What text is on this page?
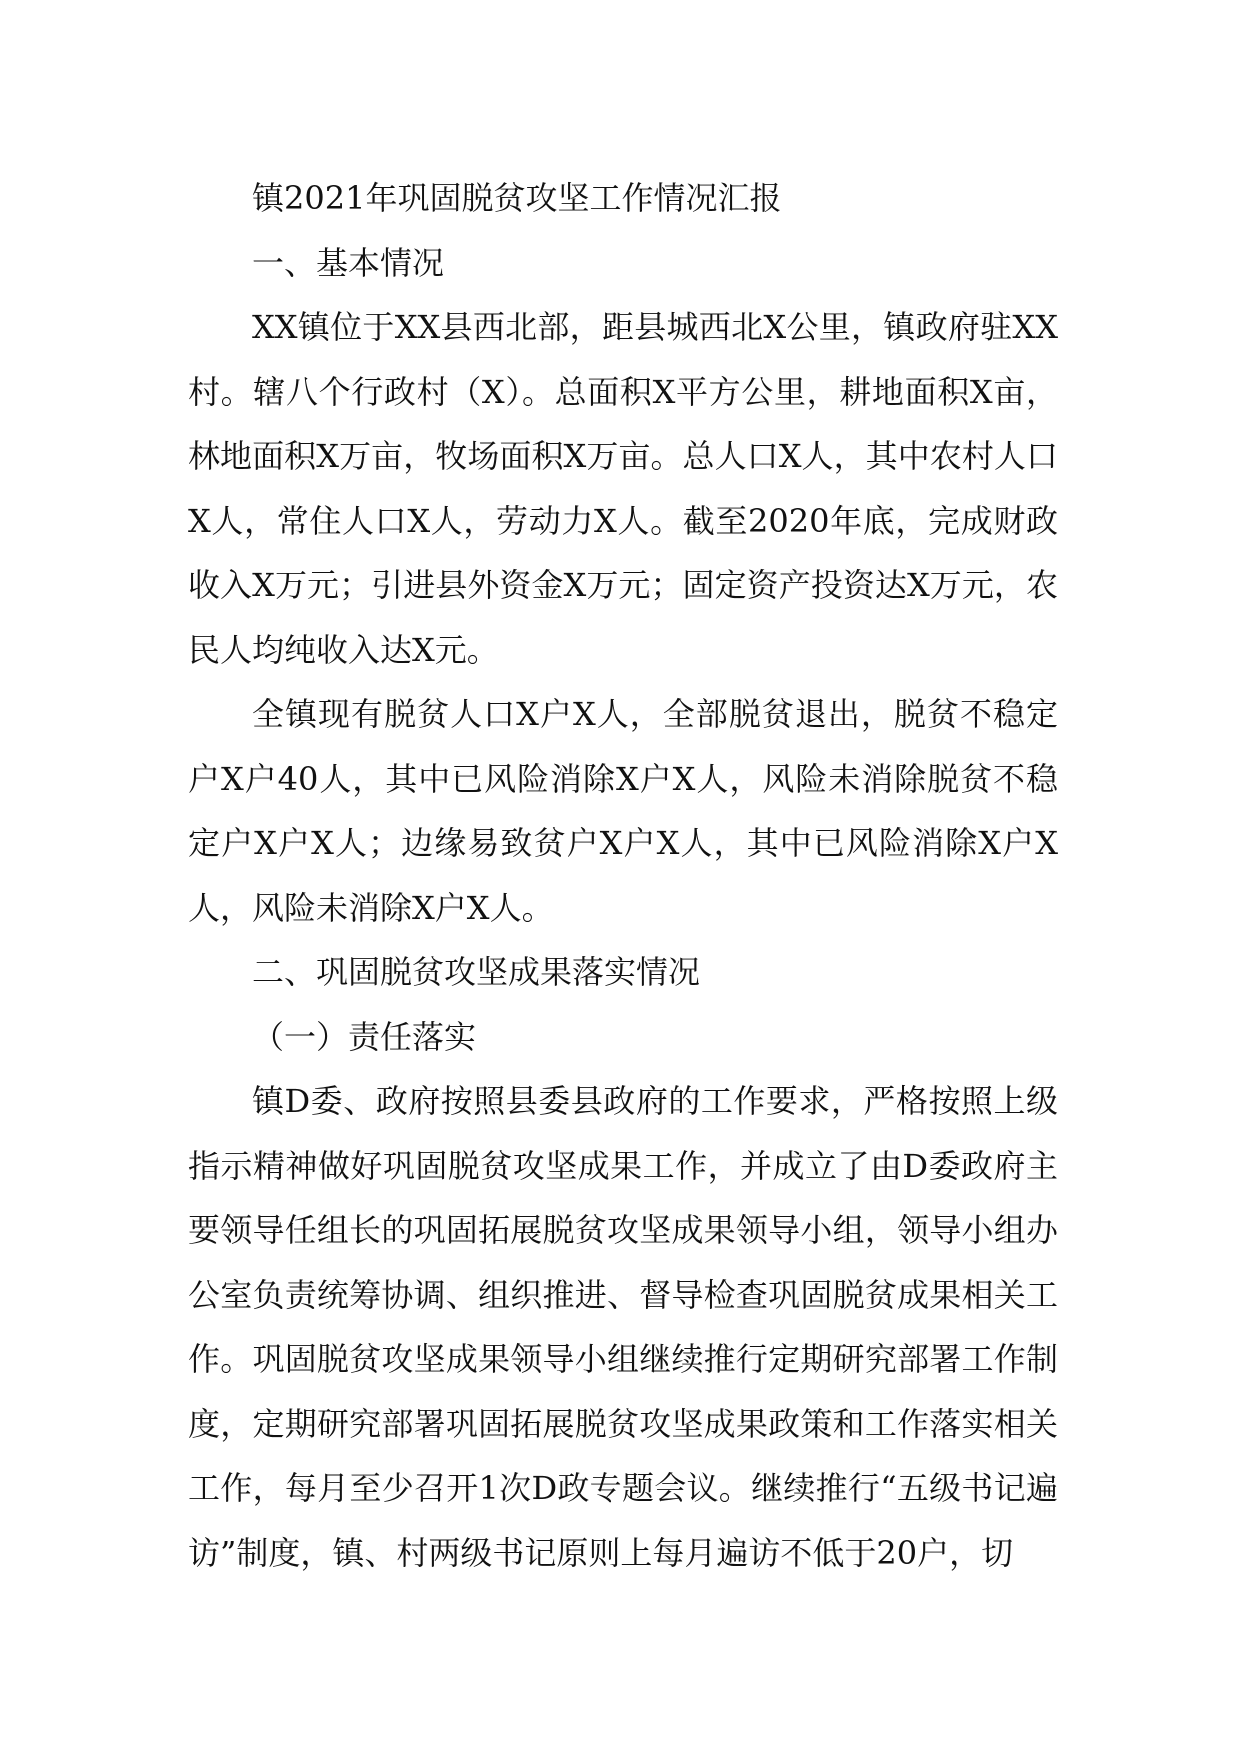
镇2021年巩固脱贫攻坚工作情况汇报

一、基本情况

XX镇位于XX县西北部，距县城西北X公里，镇政府驻XX村。辖八个行政村（X）。总面积X平方公里，耕地面积X亩，林地面积X万亩，牧场面积X万亩。总人口X人，其中农村人口X人，常住人口X人，劳动力X人。截至2020年底，完成财政收入X万元；引进县外资金X万元；固定资产投资达X万元，农民人均纯收入达X元。

全镇现有脱贫人口X户X人，全部脱贫退出，脱贫不稳定户X户40人，其中已风险消除X户X人，风险未消除脱贫不稳定户X户X人；边缘易致贫户X户X人，其中已风险消除X户X人，风险未消除X户X人。

二、巩固脱贫攻坚成果落实情况

（一）责任落实

镇D委、政府按照县委县政府的工作要求，严格按照上级指示精神做好巩固脱贫攻坚成果工作，并成立了由D委政府主要领导任组长的巩固拓展脱贫攻坚成果领导小组，领导小组办公室负责统筹协调、组织推进、督导检查巩固脱贫成果相关工作。巩固脱贫攻坚成果领导小组继续推行定期研究部署工作制度，定期研究部署巩固拓展脱贫攻坚成果政策和工作落实相关工作，每月至少召开1次D政专题会议。继续推行“五级书记遍访”制度，镇、村两级书记原则上每月遍访不低于20户，切
